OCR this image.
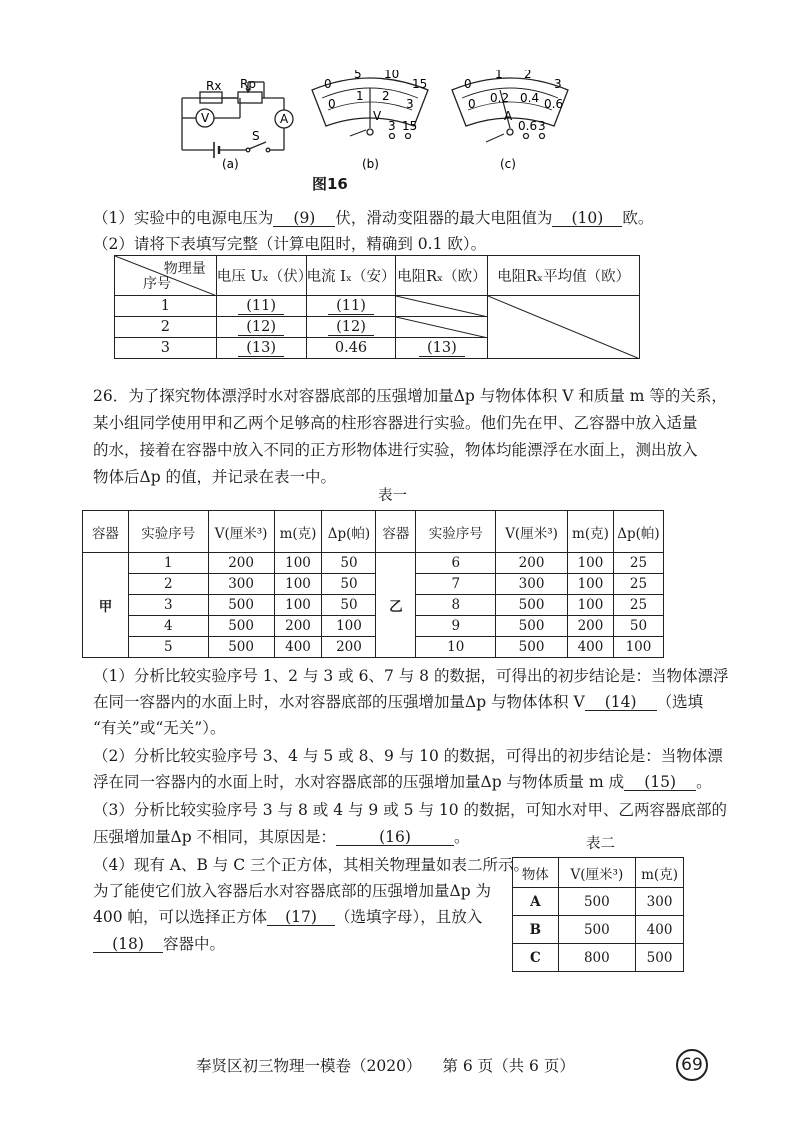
Rx Rp
V	A
S
0
5 10
15
0
1 2
3
V
3 15
0
1 2
3
0 0.2 0.4 0.6
A
0.6 3
(a)	(b)	(c)
图16
（1）实验中的电源电压为 (9) 伏，滑动变阻器的最大电阻值为 (10) 欧。
（2）请将下表填写完整（计算电阻时，精确到 0.1 欧）。
物理量
序号	电压 Uₓ（伏）	电流 Iₓ（安）	电阻Rₓ（欧）	电阻Rₓ平均值（欧）
1	(11)	(11)	

2	(12)	(12)	

3	(13)	0.46	(13)	
26．为了探究物体漂浮时水对容器底部的压强增加量Δp 与物体体积 V 和质量 m 等的关系，
某小组同学使用甲和乙两个足够高的柱形容器进行实验。他们先在甲、乙容器中放入适量
的水，接着在容器中放入不同的正方形物体进行实验，物体均能漂浮在水面上，测出放入
物体后Δp 的值，并记录在表一中。
表一
容器	实验序号	V(厘米³)	m(克)	Δp(帕)	容器	实验序号	V(厘米³)	m(克)	Δp(帕)
甲	1	200	100	50	乙	6	200	100	25
	2	300	100	50		7	300	100	25
	3	500	100	50		8	500	100	25
	4	500	200	100		9	500	200	50
	5	500	400	200		10	500	400	100
（1）分析比较实验序号 1、2 与 3 或 6、7 与 8 的数据，可得出的初步结论是：当物体漂浮
在同一容器内的水面上时，水对容器底部的压强增加量Δp 与物体体积 V (14) （选填
“有关”或“无关”）。
（2）分析比较实验序号 3、4 与 5 或 8、9 与 10 的数据，可得出的初步结论是：当物体漂
浮在同一容器内的水面上时，水对容器底部的压强增加量Δp 与物体质量 m 成 (15) 。
（3）分析比较实验序号 3 与 8 或 4 与 9 或 5 与 10 的数据，可知水对甲、乙两容器底部的
压强增加量Δp 不相同，其原因是：	(16)	。	表二
（4）现有 A、B 与 C 三个正方体，其相关物理量如表二所示。
为了能使它们放入容器后水对容器底部的压强增加量Δp 为
400 帕，可以选择正方体 (17) （选填字母），且放入
(18) 容器中。
物体	V(厘米³)	m(克)
A	500	300
B	500	400
C	800	500
奉贤区初三物理一模卷（2020） 第 6 页（共 6 页）	69
